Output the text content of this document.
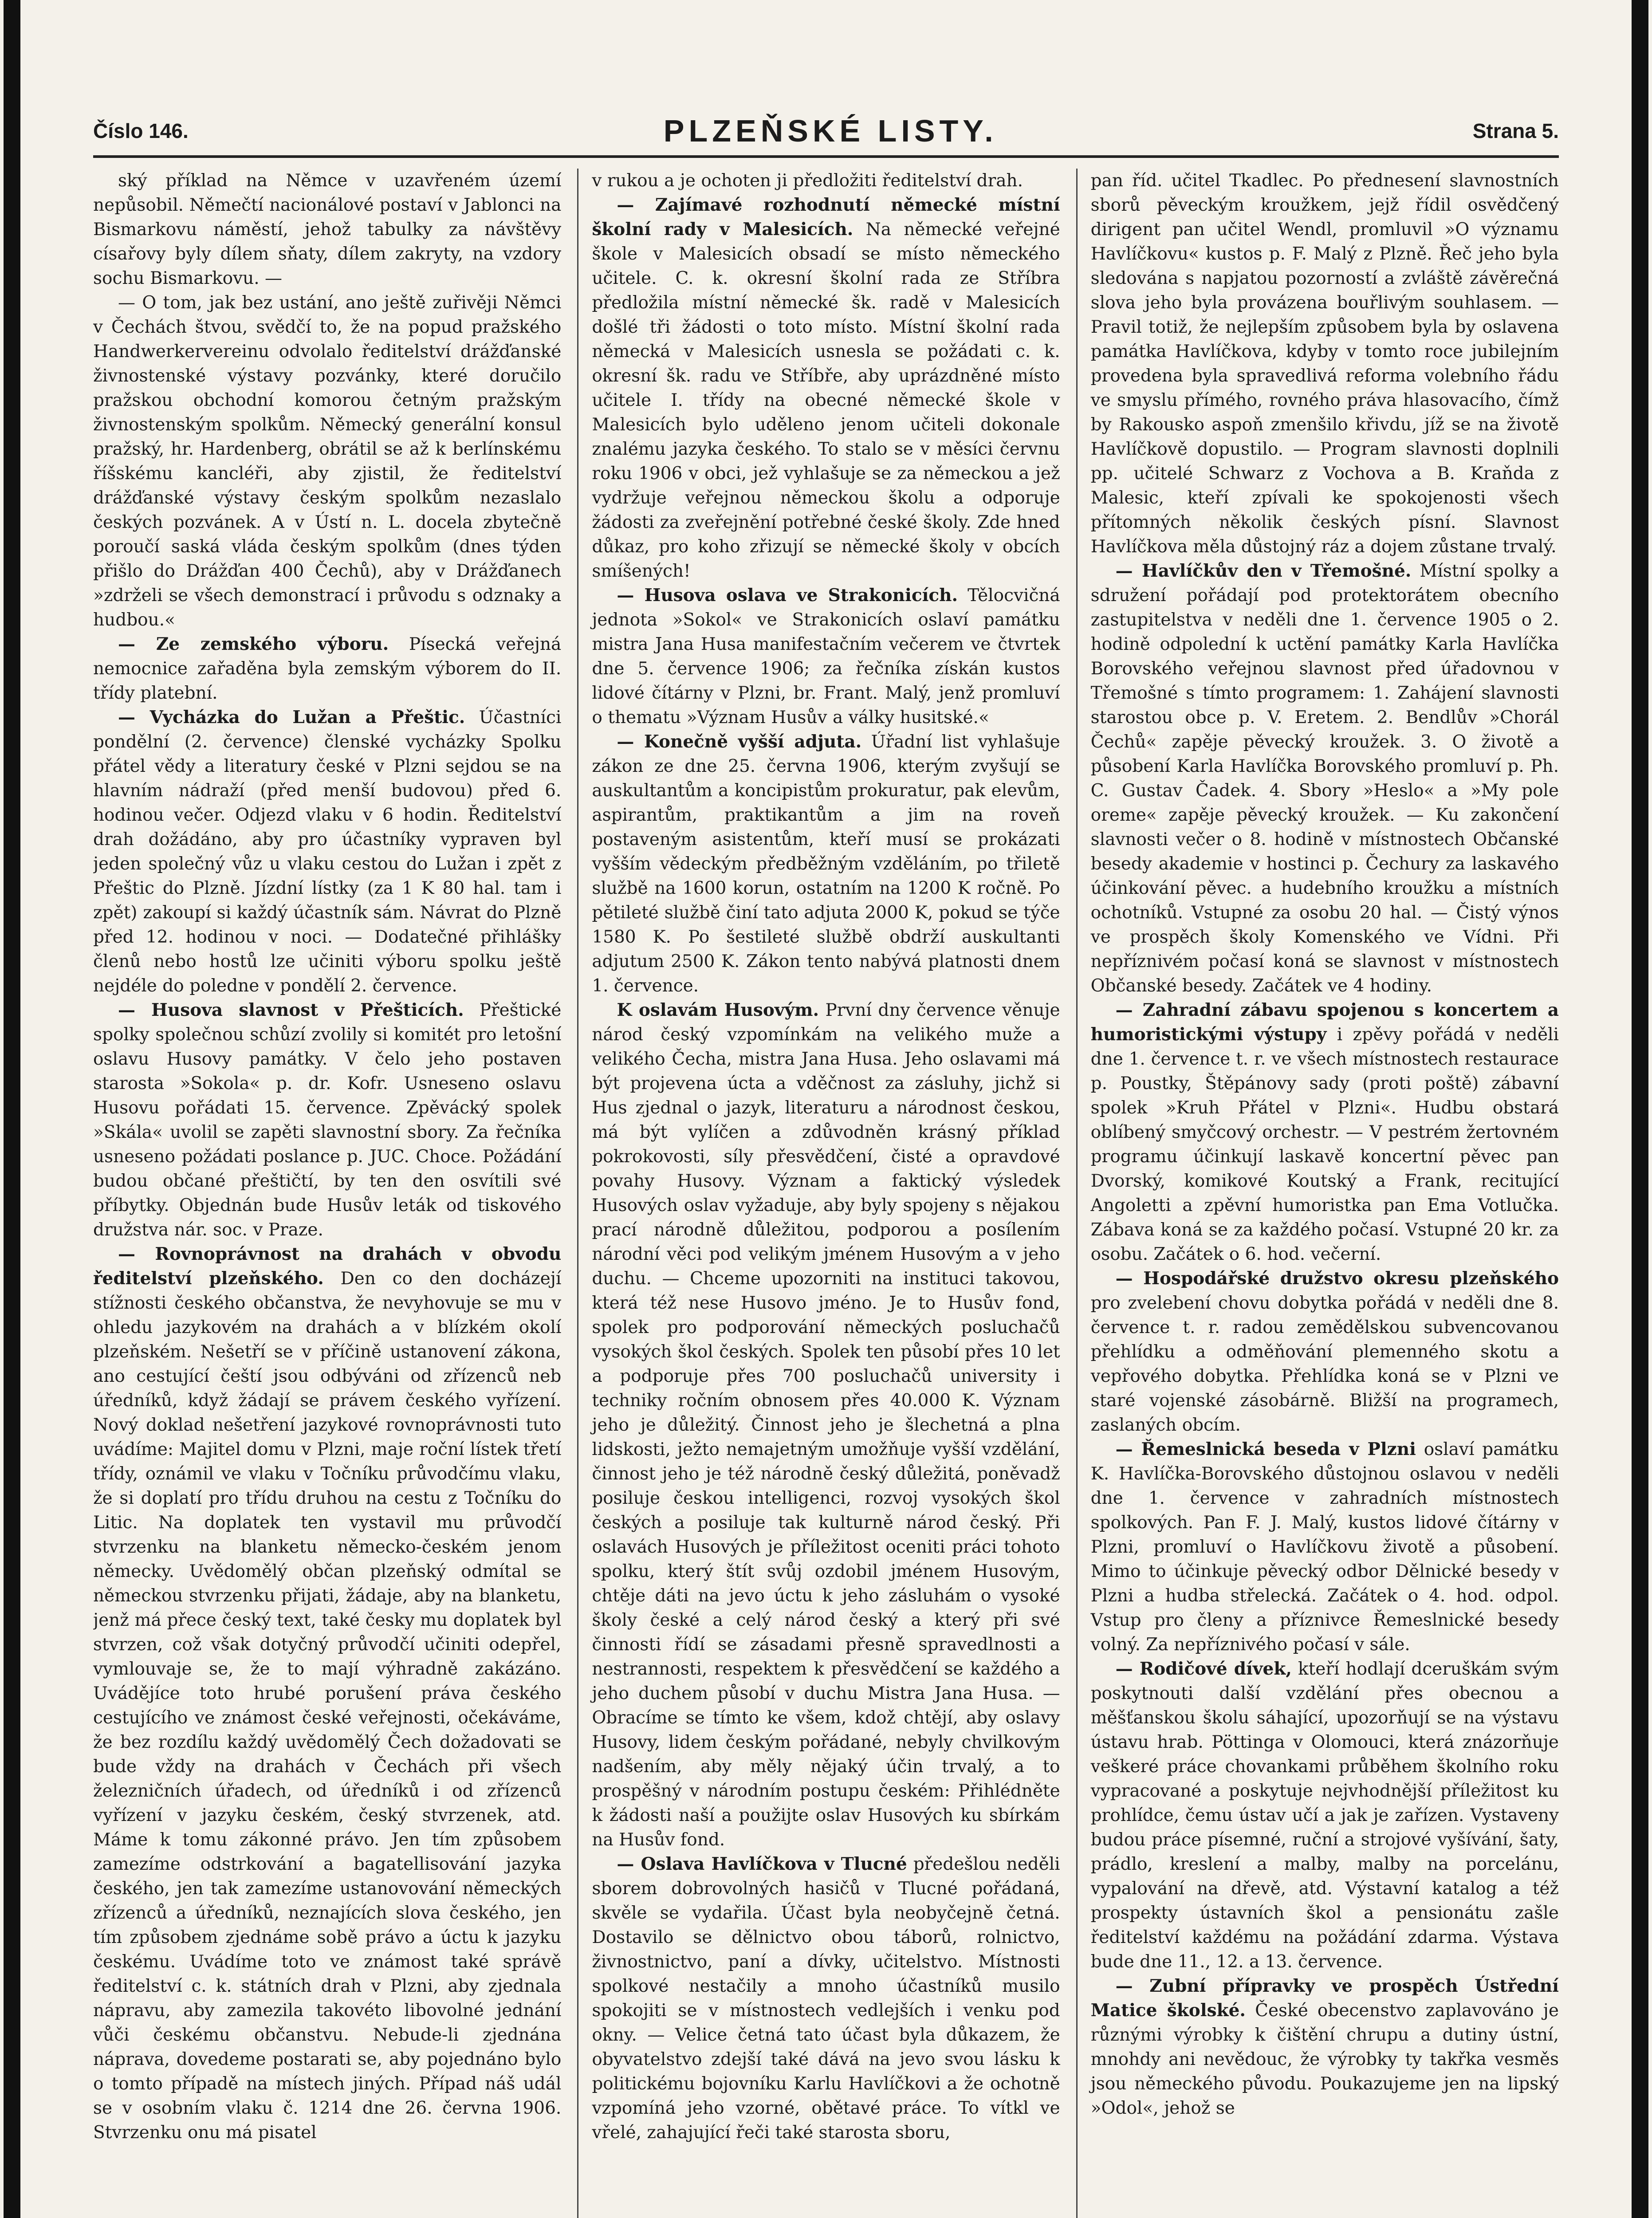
Číslo 146.	PLZEŇSKÉ LISTY.	Strana 5.

ský příklad na Němce v uzavřeném území nepůsobil. Němečtí nacionálové postaví v Jablonci na Bismarkovu náměstí, jehož tabulky za návštěvy císařovy byly dílem sňaty, dílem zakryty, na vzdory sochu Bismarkovu. —

— O tom, jak bez ustání, ano ještě zuřivěji Němci v Čechách štvou, svědčí to, že na popud pražského Handwerkervereinu odvolalo ředitelství drážďanské živnostenské výstavy pozvánky, které doručilo pražskou obchodní komorou četným pražským živnostenským spolkům. Německý generální konsul pražský, hr. Hardenberg, obrátil se až k berlínskému říšskému kancléři, aby zjistil, že ředitelství drážďanské výstavy českým spolkům nezaslalo českých pozvánek. A v Ústí n. L. docela zbytečně poroučí saská vláda českým spolkům (dnes týden přišlo do Drážďan 400 Čechů), aby v Drážďanech »zdrželi se všech demonstrací i průvodu s odznaky a hudbou.«

— Ze zemského výboru. Písecká veřejná nemocnice zařaděna byla zemským výborem do II. třídy platební.

— Vycházka do Lužan a Přeštic. Účastníci pondělní (2. července) členské vycházky Spolku přátel vědy a literatury české v Plzni sejdou se na hlavním nádraží (před menší budovou) před 6. hodinou večer. Odjezd vlaku v 6 hodin. Ředitelství drah dožádáno, aby pro účastníky vypraven byl jeden společný vůz u vlaku cestou do Lužan i zpět z Přeštic do Plzně. Jízdní lístky (za 1 K 80 hal. tam i zpět) zakoupí si každý účastník sám. Návrat do Plzně před 12. hodinou v noci. — Dodatečné přihlášky členů nebo hostů lze učiniti výboru spolku ještě nejdéle do poledne v pondělí 2. července.

— Husova slavnost v Přešticích. Přeštické spolky společnou schůzí zvolily si komitét pro letošní oslavu Husovy památky. V čelo jeho postaven starosta »Sokola« p. dr. Kofr. Usneseno oslavu Husovu pořádati 15. července. Zpěvácký spolek »Skála« uvolil se zapěti slavnostní sbory. Za řečníka usneseno požádati poslance p. JUC. Choce. Požádání budou občané přeštičtí, by ten den osvítili své příbytky. Objednán bude Husův leták od tiskového družstva nár. soc. v Praze.

— Rovnoprávnost na drahách v obvodu ředitelství plzeňského. Den co den docházejí stížnosti českého občanstva, že nevyhovuje se mu v ohledu jazykovém na drahách a v blízkém okolí plzeňském. Nešetří se v příčině ustanovení zákona, ano cestující čeští jsou odbýváni od zřízenců neb úředníků, když žádají se právem českého vyřízení. Nový doklad nešetření jazykové rovnoprávnosti tuto uvádíme: Majitel domu v Plzni, maje roční lístek třetí třídy, oznámil ve vlaku v Točníku průvodčímu vlaku, že si doplatí pro třídu druhou na cestu z Točníku do Litic. Na doplatek ten vystavil mu průvodčí stvrzenku na blanketu německo-českém jenom německy. Uvědomělý občan plzeňský odmítal se německou stvrzenku přijati, žádaje, aby na blanketu, jenž má přece český text, také česky mu doplatek byl stvrzen, což však dotyčný průvodčí učiniti odepřel, vymlouvaje se, že to mají výhradně zakázáno. Uvádějíce toto hrubé porušení práva českého cestujícího ve známost české veřejnosti, očekáváme, že bez rozdílu každý uvědomělý Čech dožadovati se bude vždy na drahách v Čechách při všech železničních úřadech, od úředníků i od zřízenců vyřízení v jazyku českém, český stvrzenek, atd. Máme k tomu zákonné právo. Jen tím způsobem zamezíme odstrkování a bagatellisování jazyka českého, jen tak zamezíme ustanovování německých zřízenců a úředníků, neznajících slova českého, jen tím způsobem zjednáme sobě právo a úctu k jazyku českému. Uvádíme toto ve známost také správě ředitelství c. k. státních drah v Plzni, aby zjednala nápravu, aby zamezila takovéto libovolné jednání vůči českému občanstvu. Nebude-li zjednána náprava, dovedeme postarati se, aby pojednáno bylo o tomto případě na místech jiných. Případ náš udál se v osobním vlaku č. 1214 dne 26. června 1906. Stvrzenku onu má pisatel

v rukou a je ochoten ji předložiti ředitelství drah.

— Zajímavé rozhodnutí německé místní školní rady v Malesicích. Na německé veřejné škole v Malesicích obsadí se místo německého učitele. C. k. okresní školní rada ze Stříbra předložila místní německé šk. radě v Malesicích došlé tři žádosti o toto místo. Místní školní rada německá v Malesicích usnesla se požádati c. k. okresní šk. radu ve Stříbře, aby uprázdněné místo učitele I. třídy na obecné německé škole v Malesicích bylo uděleno jenom učiteli dokonale znalému jazyka českého. To stalo se v měsíci červnu roku 1906 v obci, jež vyhlašuje se za německou a jež vydržuje veřejnou německou školu a odporuje žádosti za zveřejnění potřebné české školy. Zde hned důkaz, pro koho zřizují se německé školy v obcích smíšených!

— Husova oslava ve Strakonicích. Tělocvičná jednota »Sokol« ve Strakonicích oslaví památku mistra Jana Husa manifestačním večerem ve čtvrtek dne 5. července 1906; za řečníka získán kustos lidové čítárny v Plzni, br. Frant. Malý, jenž promluví o thematu »Význam Husův a války husitské.«

— Konečně vyšší adjuta. Úřadní list vyhlašuje zákon ze dne 25. června 1906, kterým zvyšují se auskultantům a koncipistům prokuratur, pak elevům, aspirantům, praktikantům a jim na roveň postaveným asistentům, kteří musí se prokázati vyšším vědeckým předběžným vzděláním, po třiletě službě na 1600 korun, ostatním na 1200 K ročně. Po pětileté službě činí tato adjuta 2000 K, pokud se týče 1580 K. Po šestileté službě obdrží auskultanti adjutum 2500 K. Zákon tento nabývá platnosti dnem 1. července.

K oslavám Husovým. První dny července věnuje národ český vzpomínkám na velikého muže a velikého Čecha, mistra Jana Husa. Jeho oslavami má být projevena úcta a vděčnost za zásluhy, jichž si Hus zjednal o jazyk, literaturu a národnost českou, má být vylíčen a zdůvodněn krásný příklad pokrokovosti, síly přesvědčení, čisté a opravdové povahy Husovy. Význam a faktický výsledek Husových oslav vyžaduje, aby byly spojeny s nějakou prací národně důležitou, podporou a posílením národní věci pod velikým jménem Husovým a v jeho duchu. — Chceme upozorniti na instituci takovou, která též nese Husovo jméno. Je to Husův fond, spolek pro podporování německých posluchačů vysokých škol českých. Spolek ten působí přes 10 let a podporuje přes 700 posluchačů university i techniky ročním obnosem přes 40.000 K. Význam jeho je důležitý. Činnost jeho je šlechetná a plna lidskosti, ježto nemajetným umožňuje vyšší vzdělání, činnost jeho je též národně český důležitá, poněvadž posiluje českou intelligenci, rozvoj vysokých škol českých a posiluje tak kulturně národ český. Při oslavách Husových je příležitost oceniti práci tohoto spolku, který štít svůj ozdobil jménem Husovým, chtěje dáti na jevo úctu k jeho zásluhám o vysoké školy české a celý národ český a který při své činnosti řídí se zásadami přesně spravedlnosti a nestrannosti, respektem k přesvědčení se každého a jeho duchem působí v duchu Mistra Jana Husa. — Obracíme se tímto ke všem, kdož chtějí, aby oslavy Husovy, lidem českým pořádané, nebyly chvilkovým nadšením, aby měly nějaký účin trvalý, a to prospěšný v národním postupu českém: Přihlédněte k žádosti naší a použijte oslav Husových ku sbírkám na Husův fond.

— Oslava Havlíčkova v Tlucné předešlou neděli sborem dobrovolných hasičů v Tlucné pořádaná, skvěle se vydařila. Účast byla neobyčejně četná. Dostavilo se dělnictvo obou táborů, rolnictvo, živnostnictvo, paní a dívky, učitelstvo. Místnosti spolkové nestačily a mnoho účastníků musilo spokojiti se v místnostech vedlejších i venku pod okny. — Velice četná tato účast byla důkazem, že obyvatelstvo zdejší také dává na jevo svou lásku k politickému bojovníku Karlu Havlíčkovi a že ochotně vzpomíná jeho vzorné, obětavé práce. To vítkl ve vřelé, zahajující řeči také starosta sboru,

pan říd. učitel Tkadlec. Po přednesení slavnostních sborů pěveckým kroužkem, jejž řídil osvědčený dirigent pan učitel Wendl, promluvil »O významu Havlíčkovu« kustos p. F. Malý z Plzně. Řeč jeho byla sledována s napjatou pozorností a zvláště závěrečná slova jeho byla provázena bouřlivým souhlasem. — Pravil totiž, že nejlepším způsobem byla by oslavena památka Havlíčkova, kdyby v tomto roce jubilejním provedena byla spravedlivá reforma volebního řádu ve smyslu přímého, rovného práva hlasovacího, čímž by Rakousko aspoň zmenšilo křivdu, jíž se na životě Havlíčkově dopustilo. — Program slavnosti doplnili pp. učitelé Schwarz z Vochova a B. Kraňda z Malesic, kteří zpívali ke spokojenosti všech přítomných několik českých písní. Slavnost Havlíčkova měla důstojný ráz a dojem zůstane trvalý.

— Havlíčkův den v Třemošné. Místní spolky a sdružení pořádají pod protektorátem obecního zastupitelstva v neděli dne 1. července 1905 o 2. hodině odpolední k uctění památky Karla Havlíčka Borovského veřejnou slavnost před úřadovnou v Třemošné s tímto programem: 1. Zahájení slavnosti starostou obce p. V. Eretem. 2. Bendlův »Chorál Čechů« zapěje pěvecký kroužek. 3. O životě a působení Karla Havlíčka Borovského promluví p. Ph. C. Gustav Čadek. 4. Sbory »Heslo« a »My pole oreme« zapěje pěvecký kroužek. — Ku zakončení slavnosti večer o 8. hodině v místnostech Občanské besedy akademie v hostinci p. Čechury za laskavého účinkování pěvec. a hudebního kroužku a místních ochotníků. Vstupné za osobu 20 hal. — Čistý výnos ve prospěch školy Komenského ve Vídni. Při nepříznivém počasí koná se slavnost v místnostech Občanské besedy. Začátek ve 4 hodiny.

— Zahradní zábavu spojenou s koncertem a humoristickými výstupy i zpěvy pořádá v neděli dne 1. července t. r. ve všech místnostech restaurace p. Poustky, Štěpánovy sady (proti poště) zábavní spolek »Kruh Přátel v Plzni«. Hudbu obstará oblíbený smyčcový orchestr. — V pestrém žertovném programu účinkují laskavě koncertní pěvec pan Dvorský, komikové Koutský a Frank, recitující Angoletti a zpěvní humoristka pan Ema Votlučka. Zábava koná se za každého počasí. Vstupné 20 kr. za osobu. Začátek o 6. hod. večerní.

— Hospodářské družstvo okresu plzeňského pro zvelebení chovu dobytka pořádá v neděli dne 8. července t. r. radou zemědělskou subvencovanou přehlídku a odměňování plemenného skotu a vepřového dobytka. Přehlídka koná se v Plzni ve staré vojenské zásobárně. Bližší na programech, zaslaných obcím.

— Řemeslnická beseda v Plzni oslaví památku K. Havlíčka-Borovského důstojnou oslavou v neděli dne 1. července v zahradních místnostech spolkových. Pan F. J. Malý, kustos lidové čítárny v Plzni, promluví o Havlíčkovu životě a působení. Mimo to účinkuje pěvecký odbor Dělnické besedy v Plzni a hudba střelecká. Začátek o 4. hod. odpol. Vstup pro členy a příznivce Řemeslnické besedy volný. Za nepříznivého počasí v sále.

— Rodičové dívek, kteří hodlají dceruškám svým poskytnouti další vzdělání přes obecnou a měšťanskou školu sáhající, upozorňují se na výstavu ústavu hrab. Pöttinga v Olomouci, která znázorňuje veškeré práce chovankami průběhem školního roku vypracované a poskytuje nejvhodnější příležitost ku prohlídce, čemu ústav učí a jak je zařízen. Vystaveny budou práce písemné, ruční a strojové vyšívání, šaty, prádlo, kreslení a malby, malby na porcelánu, vypalování na dřevě, atd. Výstavní katalog a též prospekty ústavních škol a pensionátu zašle ředitelství každému na požádání zdarma. Výstava bude dne 11., 12. a 13. července.

— Zubní přípravky ve prospěch Ústřední Matice školské. České obecenstvo zaplavováno je různými výrobky k čištění chrupu a dutiny ústní, mnohdy ani nevědouc, že výrobky ty takřka vesměs jsou německého původu. Poukazujeme jen na lipský »Odol«, jehož se
